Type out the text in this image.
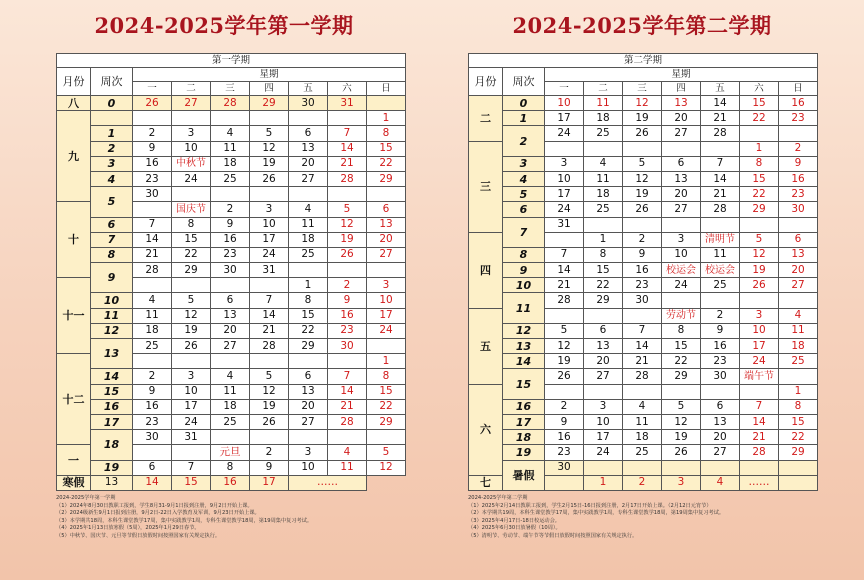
2024-2025学年第一学期
第一学期								
月份	周次	星期						
		一	二	三	四	五	六	日
八	0	26	27	28	29	30	31	
九								1
	1	2	3	4	5	6	7	8
	2	9	10	11	12	13	14	15
	3	16	中秋节	18	19	20	21	22
	4	23	24	25	26	27	28	29
	5	30						
十			国庆节	2	3	4	5	6
	6	7	8	9	10	11	12	13
	7	14	15	16	17	18	19	20
	8	21	22	23	24	25	26	27
	9	28	29	30	31			
十一						1	2	3
	10	4	5	6	7	8	9	10
	11	11	12	13	14	15	16	17
	12	18	19	20	21	22	23	24
	13	25	26	27	28	29	30	
十二								1
	14	2	3	4	5	6	7	8
	15	9	10	11	12	13	14	15
	16	16	17	18	19	20	21	22
	17	23	24	25	26	27	28	29
	18	30	31					
一				元旦	2	3	4	5
	19	6	7	8	9	10	11	12
寒假	13	14	15	16	17	……		
2024-2025学年第一学期
（1）2024年8月30日教职工报到，学生8月31-9月1日报到注册，9月2日开始上课。
（2）2024级新生9月1日报到注册，9月2日-22日入学教育及军训，9月23日开始上课。
（3）本学期共18周，本科生课堂教学17周，集中实践教学1周，专科生课堂教学18周，第19周集中复习考试。
（4）2025年1月13日放寒假（5周），2025年1月29日春节。
（5）中秋节、国庆节、元旦等节假日放假时间按照国家有关规定执行。
2024-2025学年第二学期
第二学期								
月份	周次	星期						
		一	二	三	四	五	六	日
二	0	10	11	12	13	14	15	16
	1	17	18	19	20	21	22	23
	2	24	25	26	27	28		
三							1	2
	3	3	4	5	6	7	8	9
	4	10	11	12	13	14	15	16
	5	17	18	19	20	21	22	23
	6	24	25	26	27	28	29	30
	7	31						
四			1	2	3	清明节	5	6
	8	7	8	9	10	11	12	13
	9	14	15	16	校运会	校运会	19	20
	10	21	22	23	24	25	26	27
	11	28	29	30				
五					劳动节	2	3	4
	12	5	6	7	8	9	10	11
	13	12	13	14	15	16	17	18
	14	19	20	21	22	23	24	25
	15	26	27	28	29	30	端午节	
六								1
	16	2	3	4	5	6	7	8
	17	9	10	11	12	13	14	15
	18	16	17	18	19	20	21	22
	19	23	24	25	26	27	28	29
	暑假	30						
七			1	2	3	4	……	
2024-2025学年第二学期
（1）2025年2月14日教职工报到，学生2月15日-16日报到注册，2月17日开始上课。（2月12日元宵节）
（2）本学期共19周，本科生课堂教学17周，集中实践教学1周，专科生课堂教学18周，第19周集中复习考试。
（3）2025年4月17日-18日校运动会。
（4）2025年6月30日放暑假（10周）。
（5）清明节、劳动节、端午节等节假日放假时间按照国家有关规定执行。
